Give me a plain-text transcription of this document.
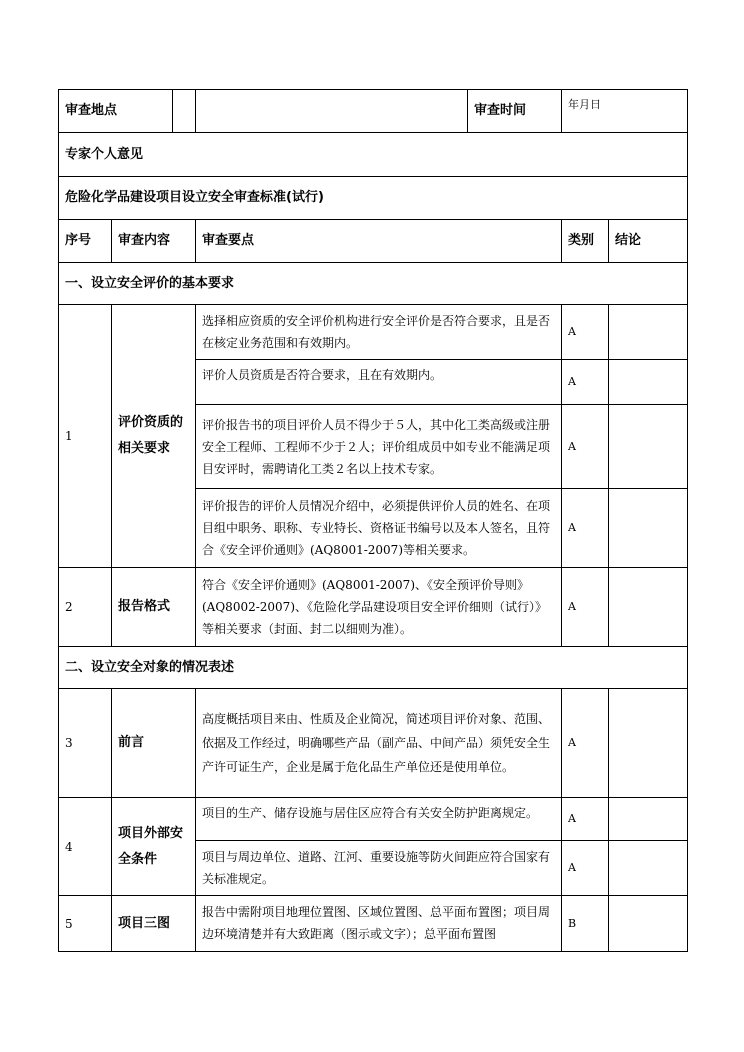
审查地点		审查时间	年月日	
专家个人意见				
危险化学品建设项目设立安全审查标准(试行)				
序号	审查内容	审查要点	类别	结论
一、设立安全评价的基本要求				
1	评价资质的相关要求	选择相应资质的安全评价机构进行安全评价是否符合要求，且是否在核定业务范围和有效期内。	A	
		评价人员资质是否符合要求，且在有效期内。	A	
		评价报告书的项目评价人员不得少于５人，其中化工类高级或注册安全工程师、工程师不少于２人；评价组成员中如专业不能满足项目安评时，需聘请化工类２名以上技术专家。	A	
		评价报告的评价人员情况介绍中，必须提供评价人员的姓名、在项目组中职务、职称、专业特长、资格证书编号以及本人签名，且符合《安全评价通则》(AQ8001-2007)等相关要求。	A	
2	报告格式	符合《安全评价通则》(AQ8001-2007)、《安全预评价导则》(AQ8002-2007)、《危险化学品建设项目安全评价细则（试行）》等相关要求（封面、封二以细则为准）。	A	
二、设立安全对象的情况表述				
3	前言	高度概括项目来由、性质及企业简况，简述项目评价对象、范围、依据及工作经过，明确哪些产品（副产品、中间产品）须凭安全生产许可证生产，企业是属于危化品生产单位还是使用单位。	A	
4	项目外部安全条件	项目的生产、储存设施与居住区应符合有关安全防护距离规定。	A	
		项目与周边单位、道路、江河、重要设施等防火间距应符合国家有关标准规定。	A	
5	项目三图	报告中需附项目地理位置图、区域位置图、总平面布置图；项目周边环境清楚并有大致距离（图示或文字）；总平面布置图	B	
